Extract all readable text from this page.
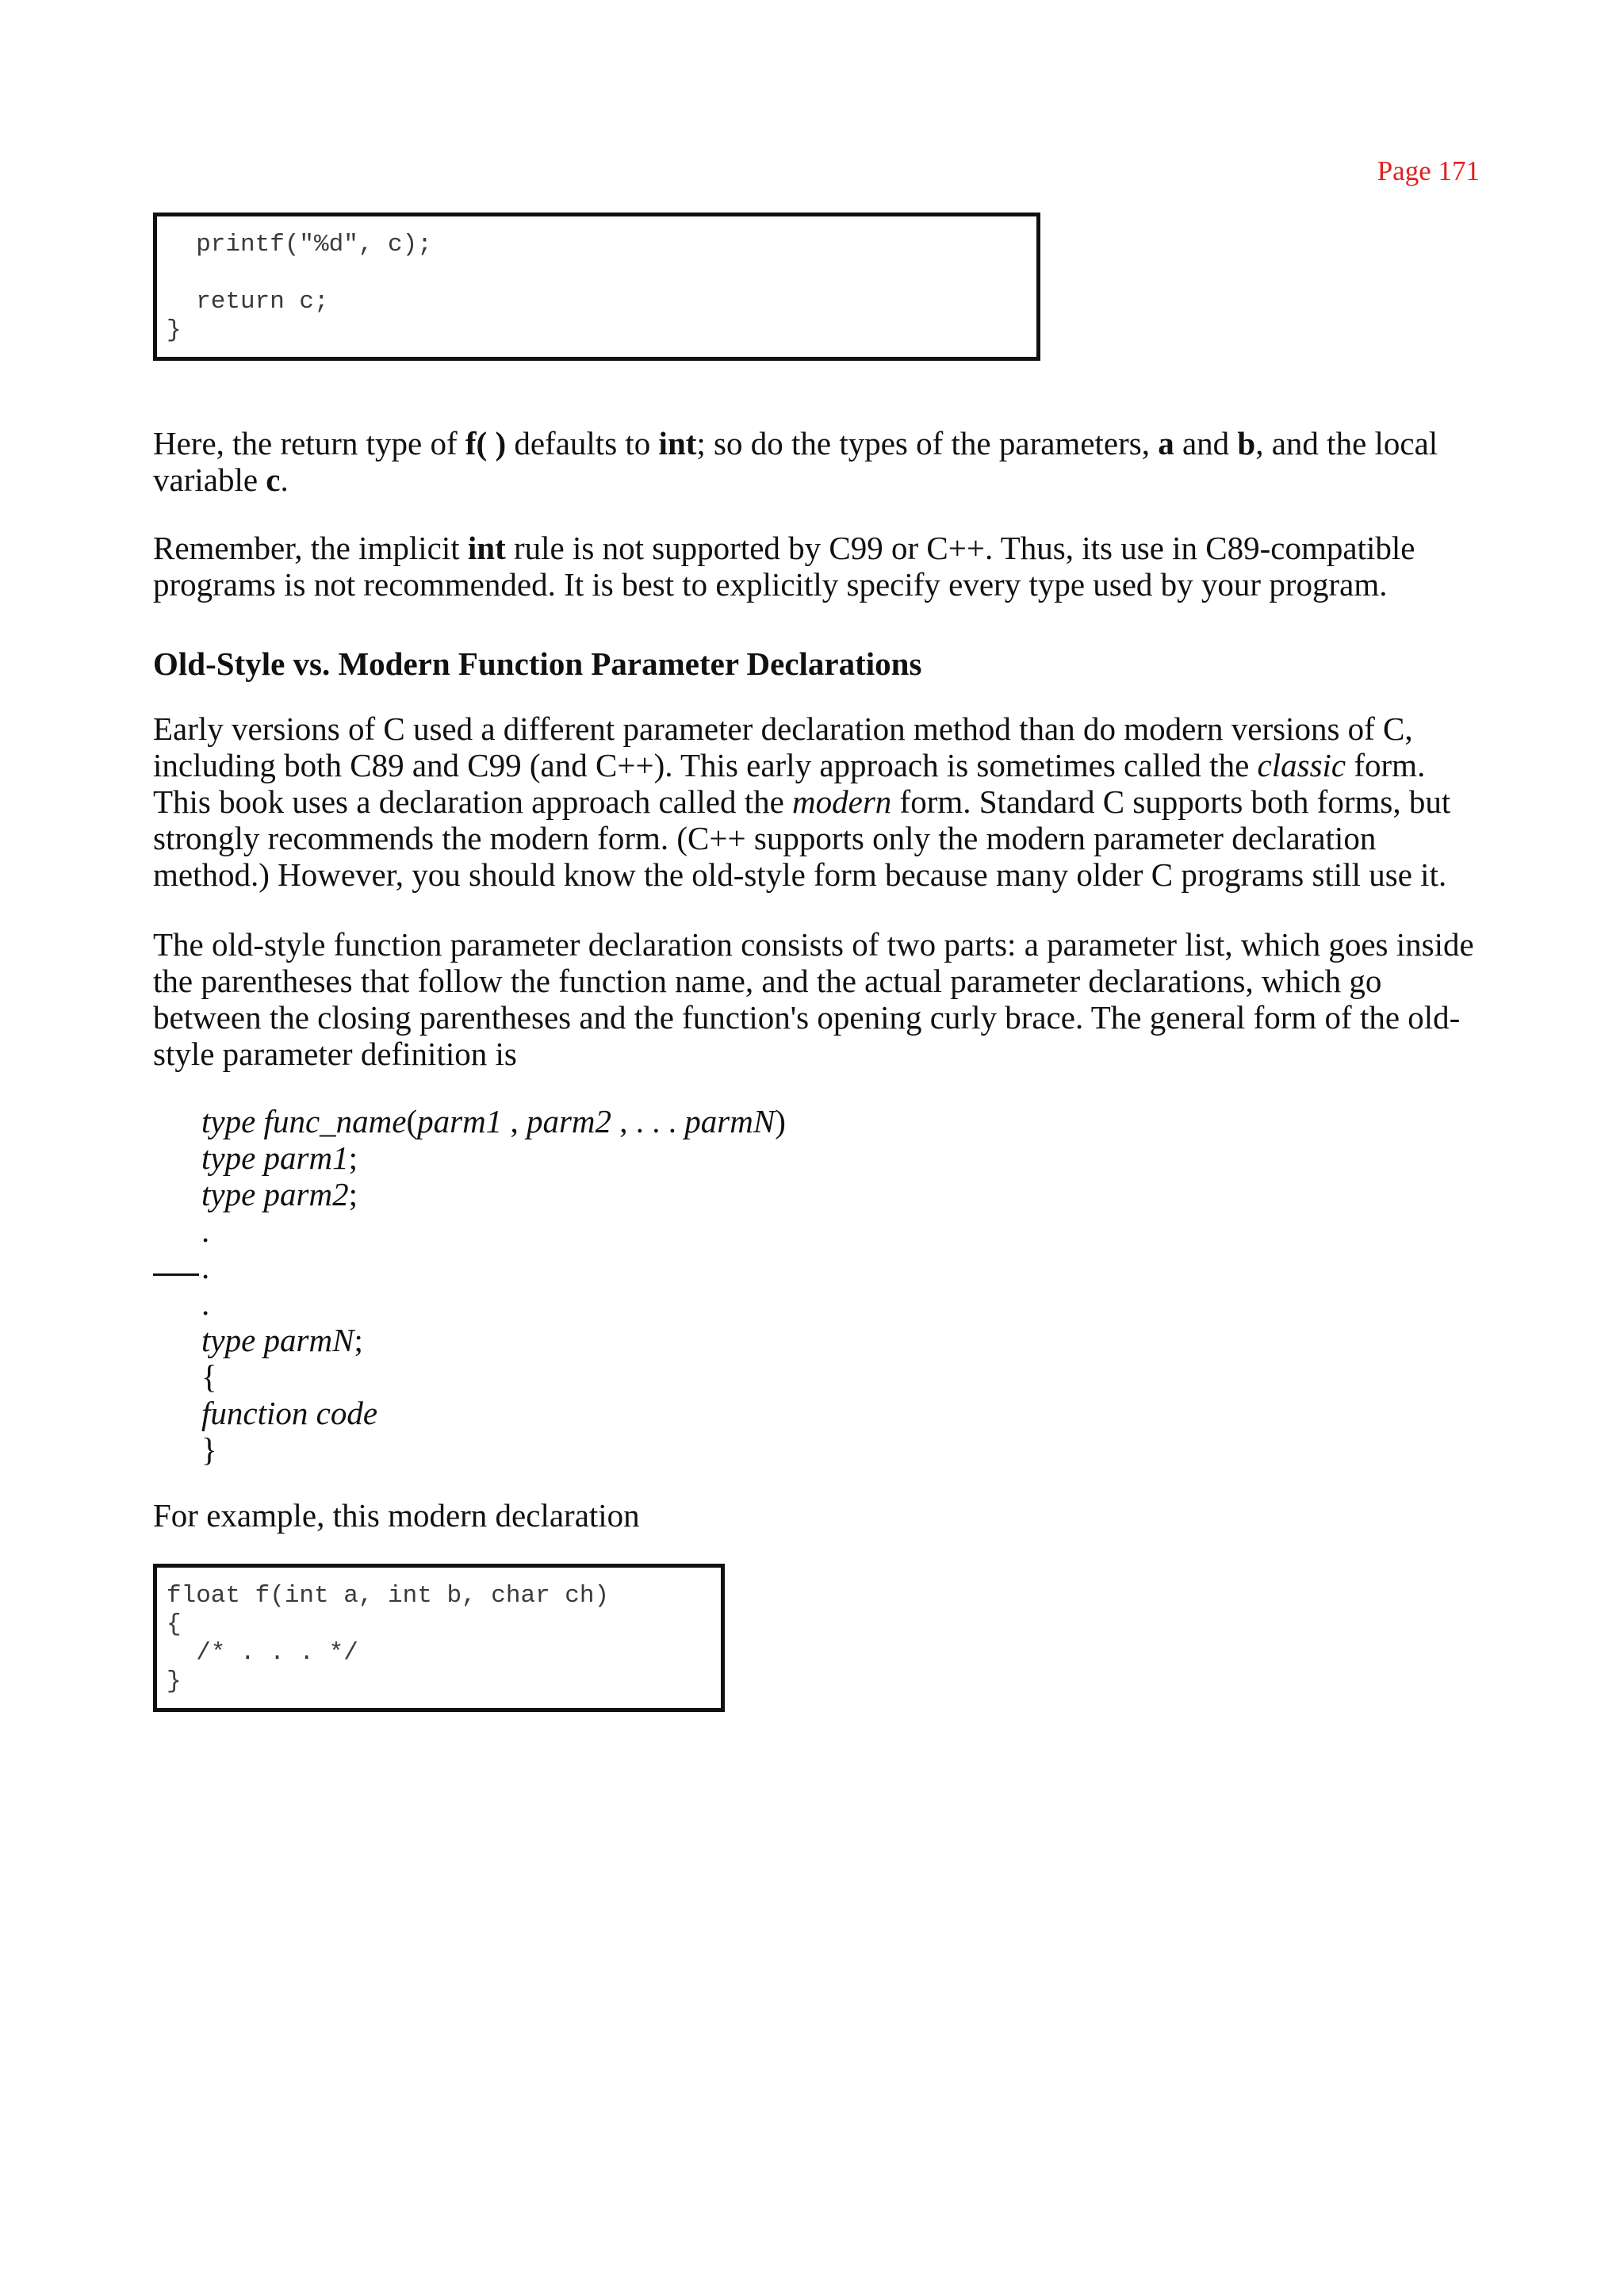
Page 171
printf("%d", c);
return c;
}

Here, the return type of f( ) defaults to int; so do the types of the parameters, a and b, and the local variable c.

Remember, the implicit int rule is not supported by C99 or C++. Thus, its use in C89-compatible programs is not recommended. It is best to explicitly specify every type used by your program.

Old-Style vs. Modern Function Parameter Declarations

Early versions of C used a different parameter declaration method than do modern versions of C, including both C89 and C99 (and C++). This early approach is sometimes called the classic form. This book uses a declaration approach called the modern form. Standard C supports both forms, but strongly recommends the modern form. (C++ supports only the modern parameter declaration method.) However, you should know the old-style form because many older C programs still use it.

The old-style function parameter declaration consists of two parts: a parameter list, which goes inside the parentheses that follow the function name, and the actual parameter declarations, which go between the closing parentheses and the function's opening curly brace. The general form of the old-style parameter definition is

type func_name(parm1 , parm2 , . . . parmN)
type parm1;
type parm2;
.
.
.
type parmN;
{
function code
}

For example, this modern declaration

float f(int a, int b, char ch)
{
/* . . . */
}
